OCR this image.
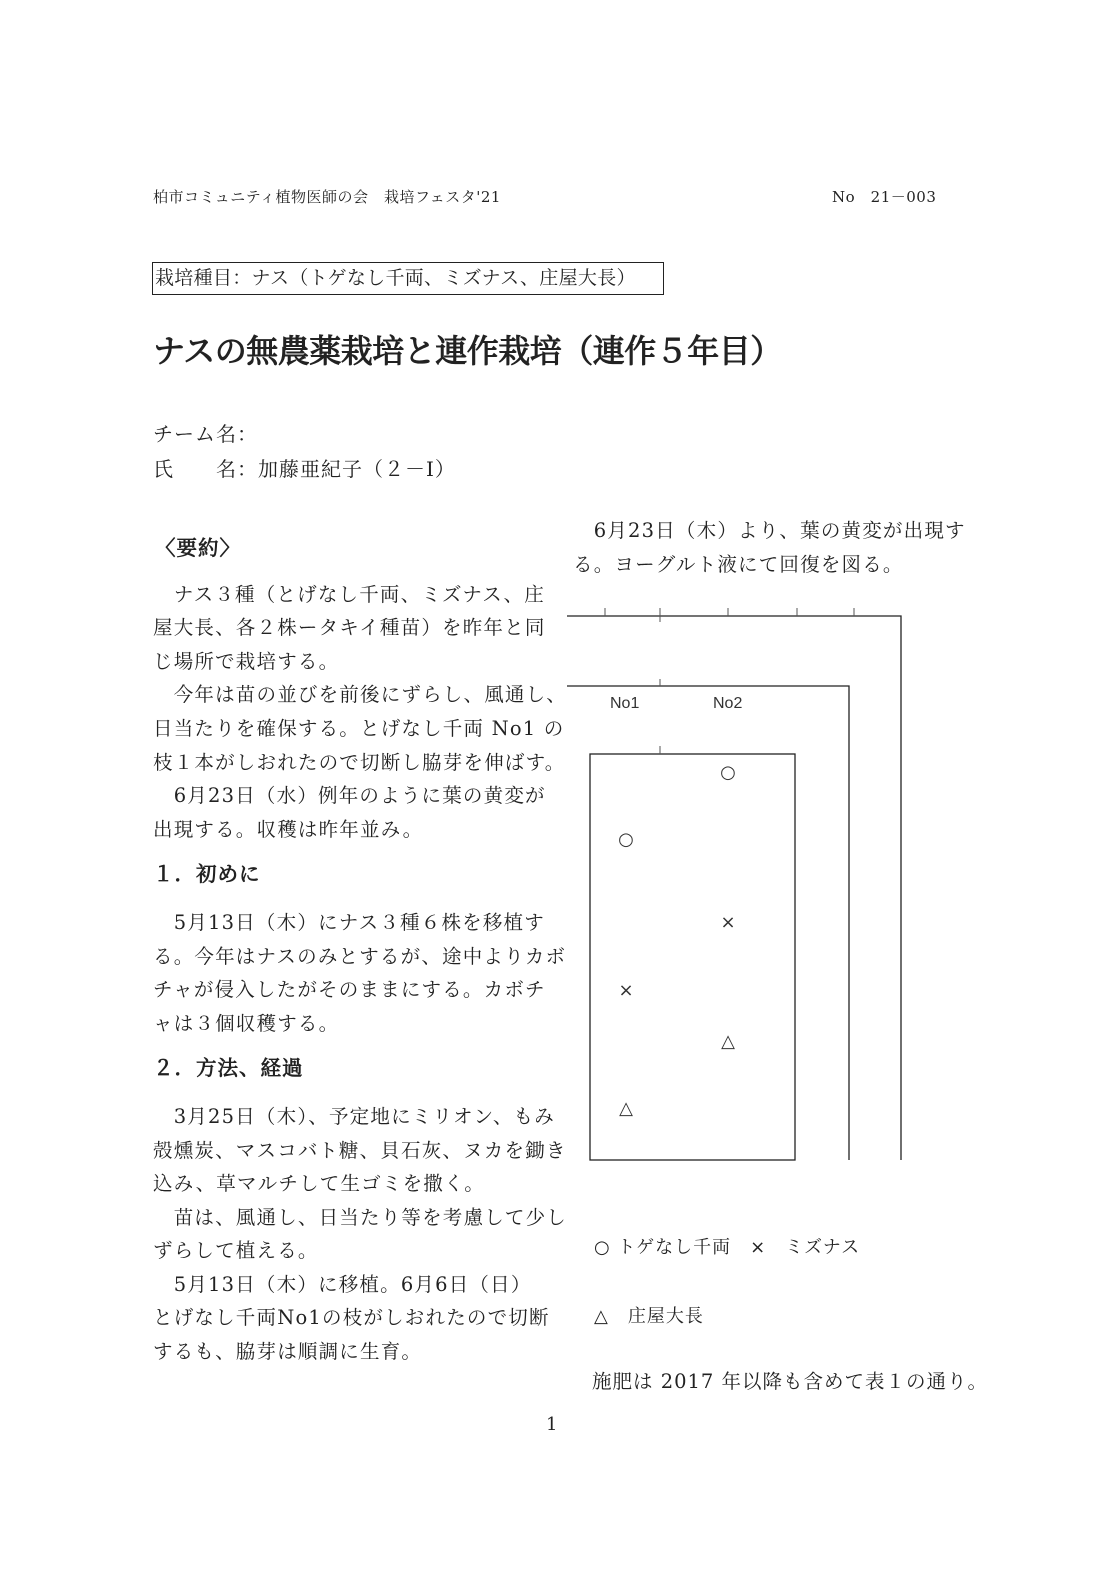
柏市コミュニティ植物医師の会　栽培フェスタ'21	No　21－003
栽培種目：ナス（トゲなし千両、ミズナス、庄屋大長）
ナスの無農薬栽培と連作栽培（連作５年目）
チーム名：
氏　　名：加藤亜紀子（２－I）
〈要約〉

　ナス３種（とげなし千両、ミズナス、庄

屋大長、各２株ータキイ種苗）を昨年と同

じ場所で栽培する。

　今年は苗の並びを前後にずらし、風通し、

日当たりを確保する。とげなし千両 No1 の

枝１本がしおれたので切断し脇芽を伸ばす。

　6月23日（水）例年のように葉の黄変が

出現する。収穫は昨年並み。

１．初めに

　5月13日（木）にナス３種６株を移植す

る。今年はナスのみとするが、途中よりカボ

チャが侵入したがそのままにする。カボチ

ャは３個収穫する。

２．方法、経過

　3月25日（木）、予定地にミリオン、もみ

殻燻炭、マスコバト糖、貝石灰、ヌカを鋤き

込み、草マルチして生ゴミを撒く。

　苗は、風通し、日当たり等を考慮して少し

ずらして植える。

　5月13日（木）に移植。6月6日（日）

とげなし千両No1の枝がしおれたので切断

するも、脇芽は順調に生育。

　6月23日（木）より、葉の黄変が出現す

る。ヨーグルト液にて回復を図る。

No1	No2
○
○
×
×
△
△
○ トゲなし千両　×　ミズナス
△　庄屋大長
施肥は 2017 年以降も含めて表１の通り。
1
